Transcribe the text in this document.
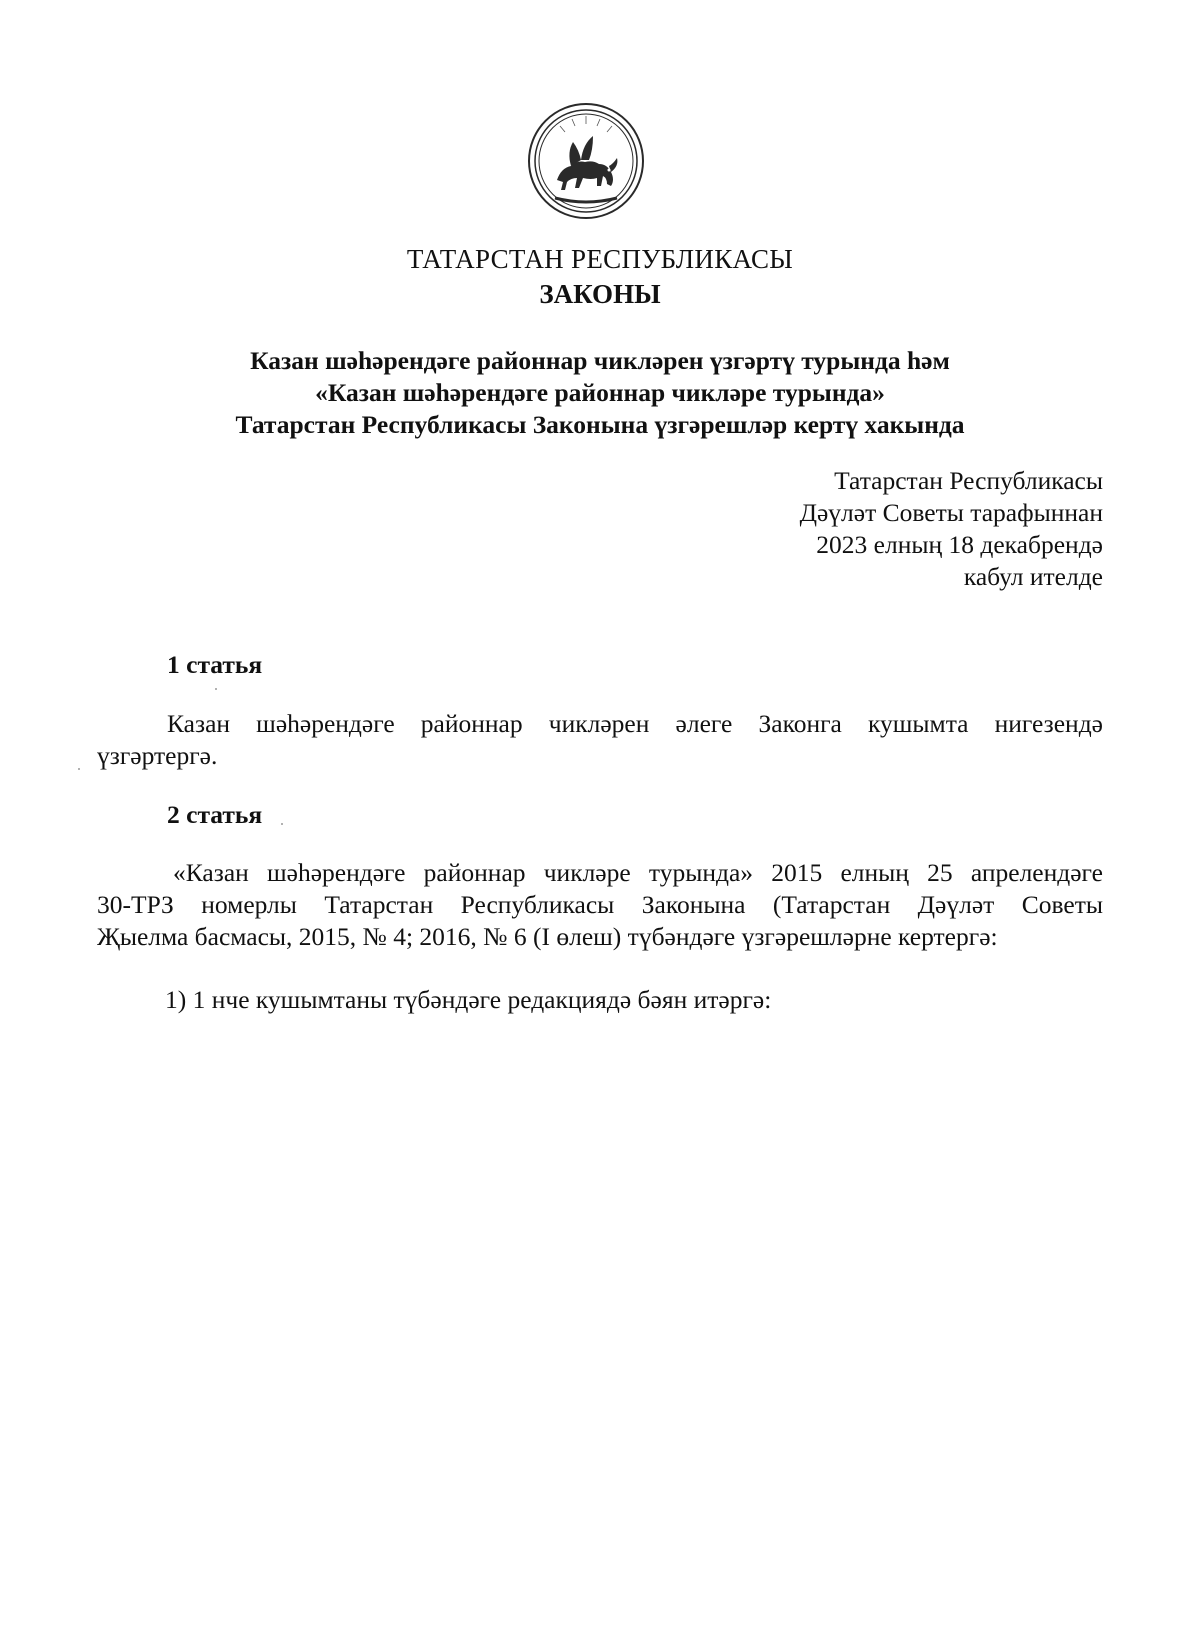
ТАТАРСТАН РЕСПУБЛИКАСЫ
ЗАКОНЫ
Казан шәһәрендәге районнар чикләрен үзгәртү турында һәм
«Казан шәһәрендәге районнар чикләре турында»
Татарстан Республикасы Законына үзгәрешләр кертү хакында
Татарстан Республикасы
Дәүләт Советы тарафыннан
2023 елның 18 декабрендә
кабул ителде
1 статья
Казан шәһәрендәге районнар чикләрен әлеге Законга кушымта нигезендә
үзгәртергә.
2 статья
«Казан шәһәрендәге районнар чикләре турында» 2015 елның 25 апрелендәге
30-ТРЗ номерлы Татарстан Республикасы Законына (Татарстан Дәүләт Советы
Җыелма басмасы, 2015, № 4; 2016, № 6 (I өлеш) түбәндәге үзгәрешләрне кертергә:
1) 1 нче кушымтаны түбәндәге редакциядә бәян итәргә:
